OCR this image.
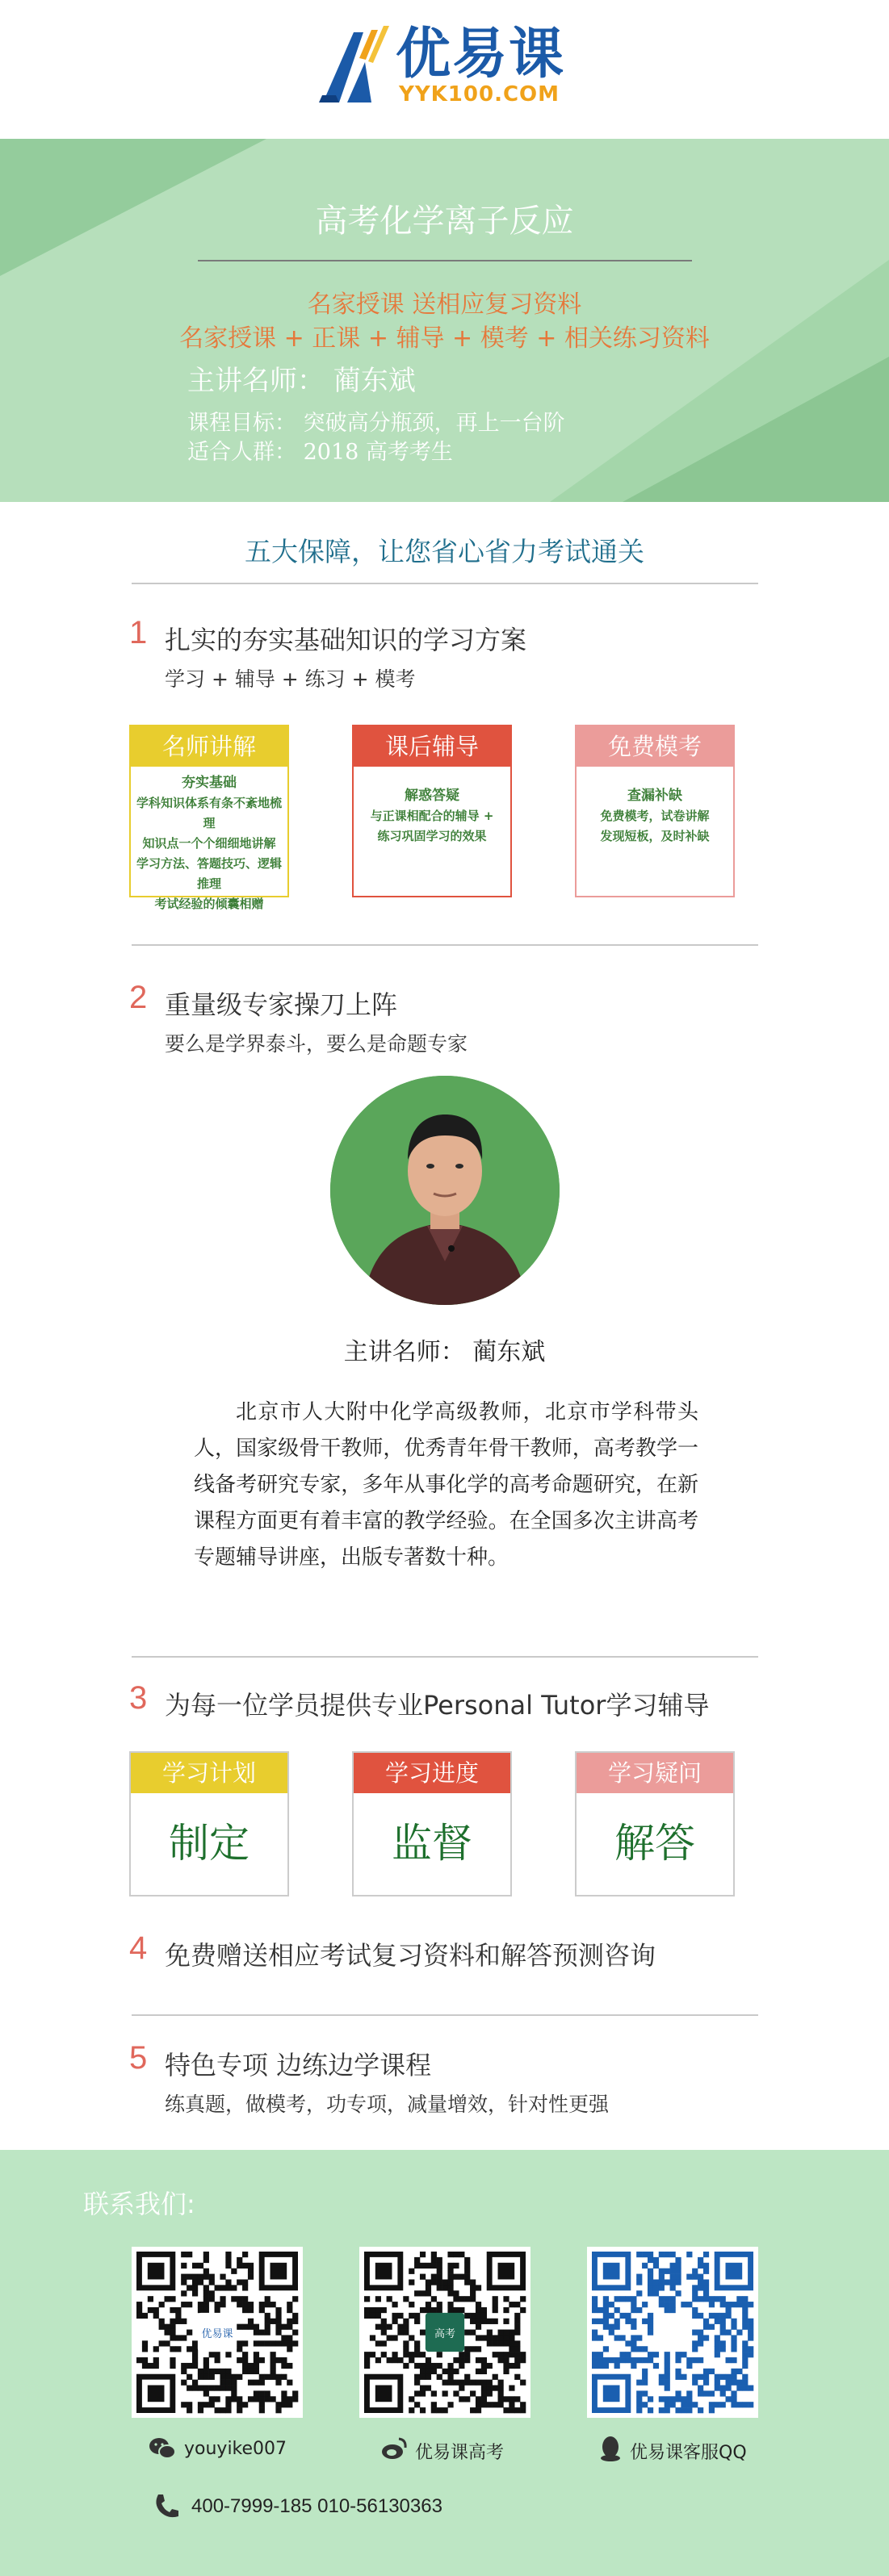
优易课
YYK100.COM
高考化学离子反应
名家授课 送相应复习资料
名家授课 + 正课 + 辅导 + 模考 + 相关练习资料
主讲名师： 蔺东斌
课程目标： 突破高分瓶颈，再上一台阶
适合人群： 2018 高考考生
五大保障，让您省心省力考试通关
1 扎实的夯实基础知识的学习方案
学习 + 辅导 + 练习 + 模考
名师讲解
夯实基础
学科知识体系有条不紊地梳理
知识点一个个细细地讲解
学习方法、答题技巧、逻辑推理
考试经验的倾囊相赠
课后辅导
解惑答疑
与正课相配合的辅导 +
练习巩固学习的效果
免费模考
查漏补缺
免费模考，试卷讲解
发现短板，及时补缺
2 重量级专家操刀上阵
要么是学界泰斗，要么是命题专家
主讲名师： 蔺东斌
北京市人大附中化学高级教师，北京市学科带头人，国家级骨干教师，优秀青年骨干教师，高考教学一线备考研究专家，多年从事化学的高考命题研究，在新课程方面更有着丰富的教学经验。在全国多次主讲高考专题辅导讲座，出版专著数十种。
3 为每一位学员提供专业Personal Tutor学习辅导
学习计划
制定
学习进度
监督
学习疑问
解答
4 免费赠送相应考试复习资料和解答预测咨询
5 特色专项 边练边学课程
练真题，做模考，功专项，减量增效，针对性更强
联系我们:
优易课	高考
youyike007	优易课高考	优易课客服QQ
400-7999-185 010-56130363
